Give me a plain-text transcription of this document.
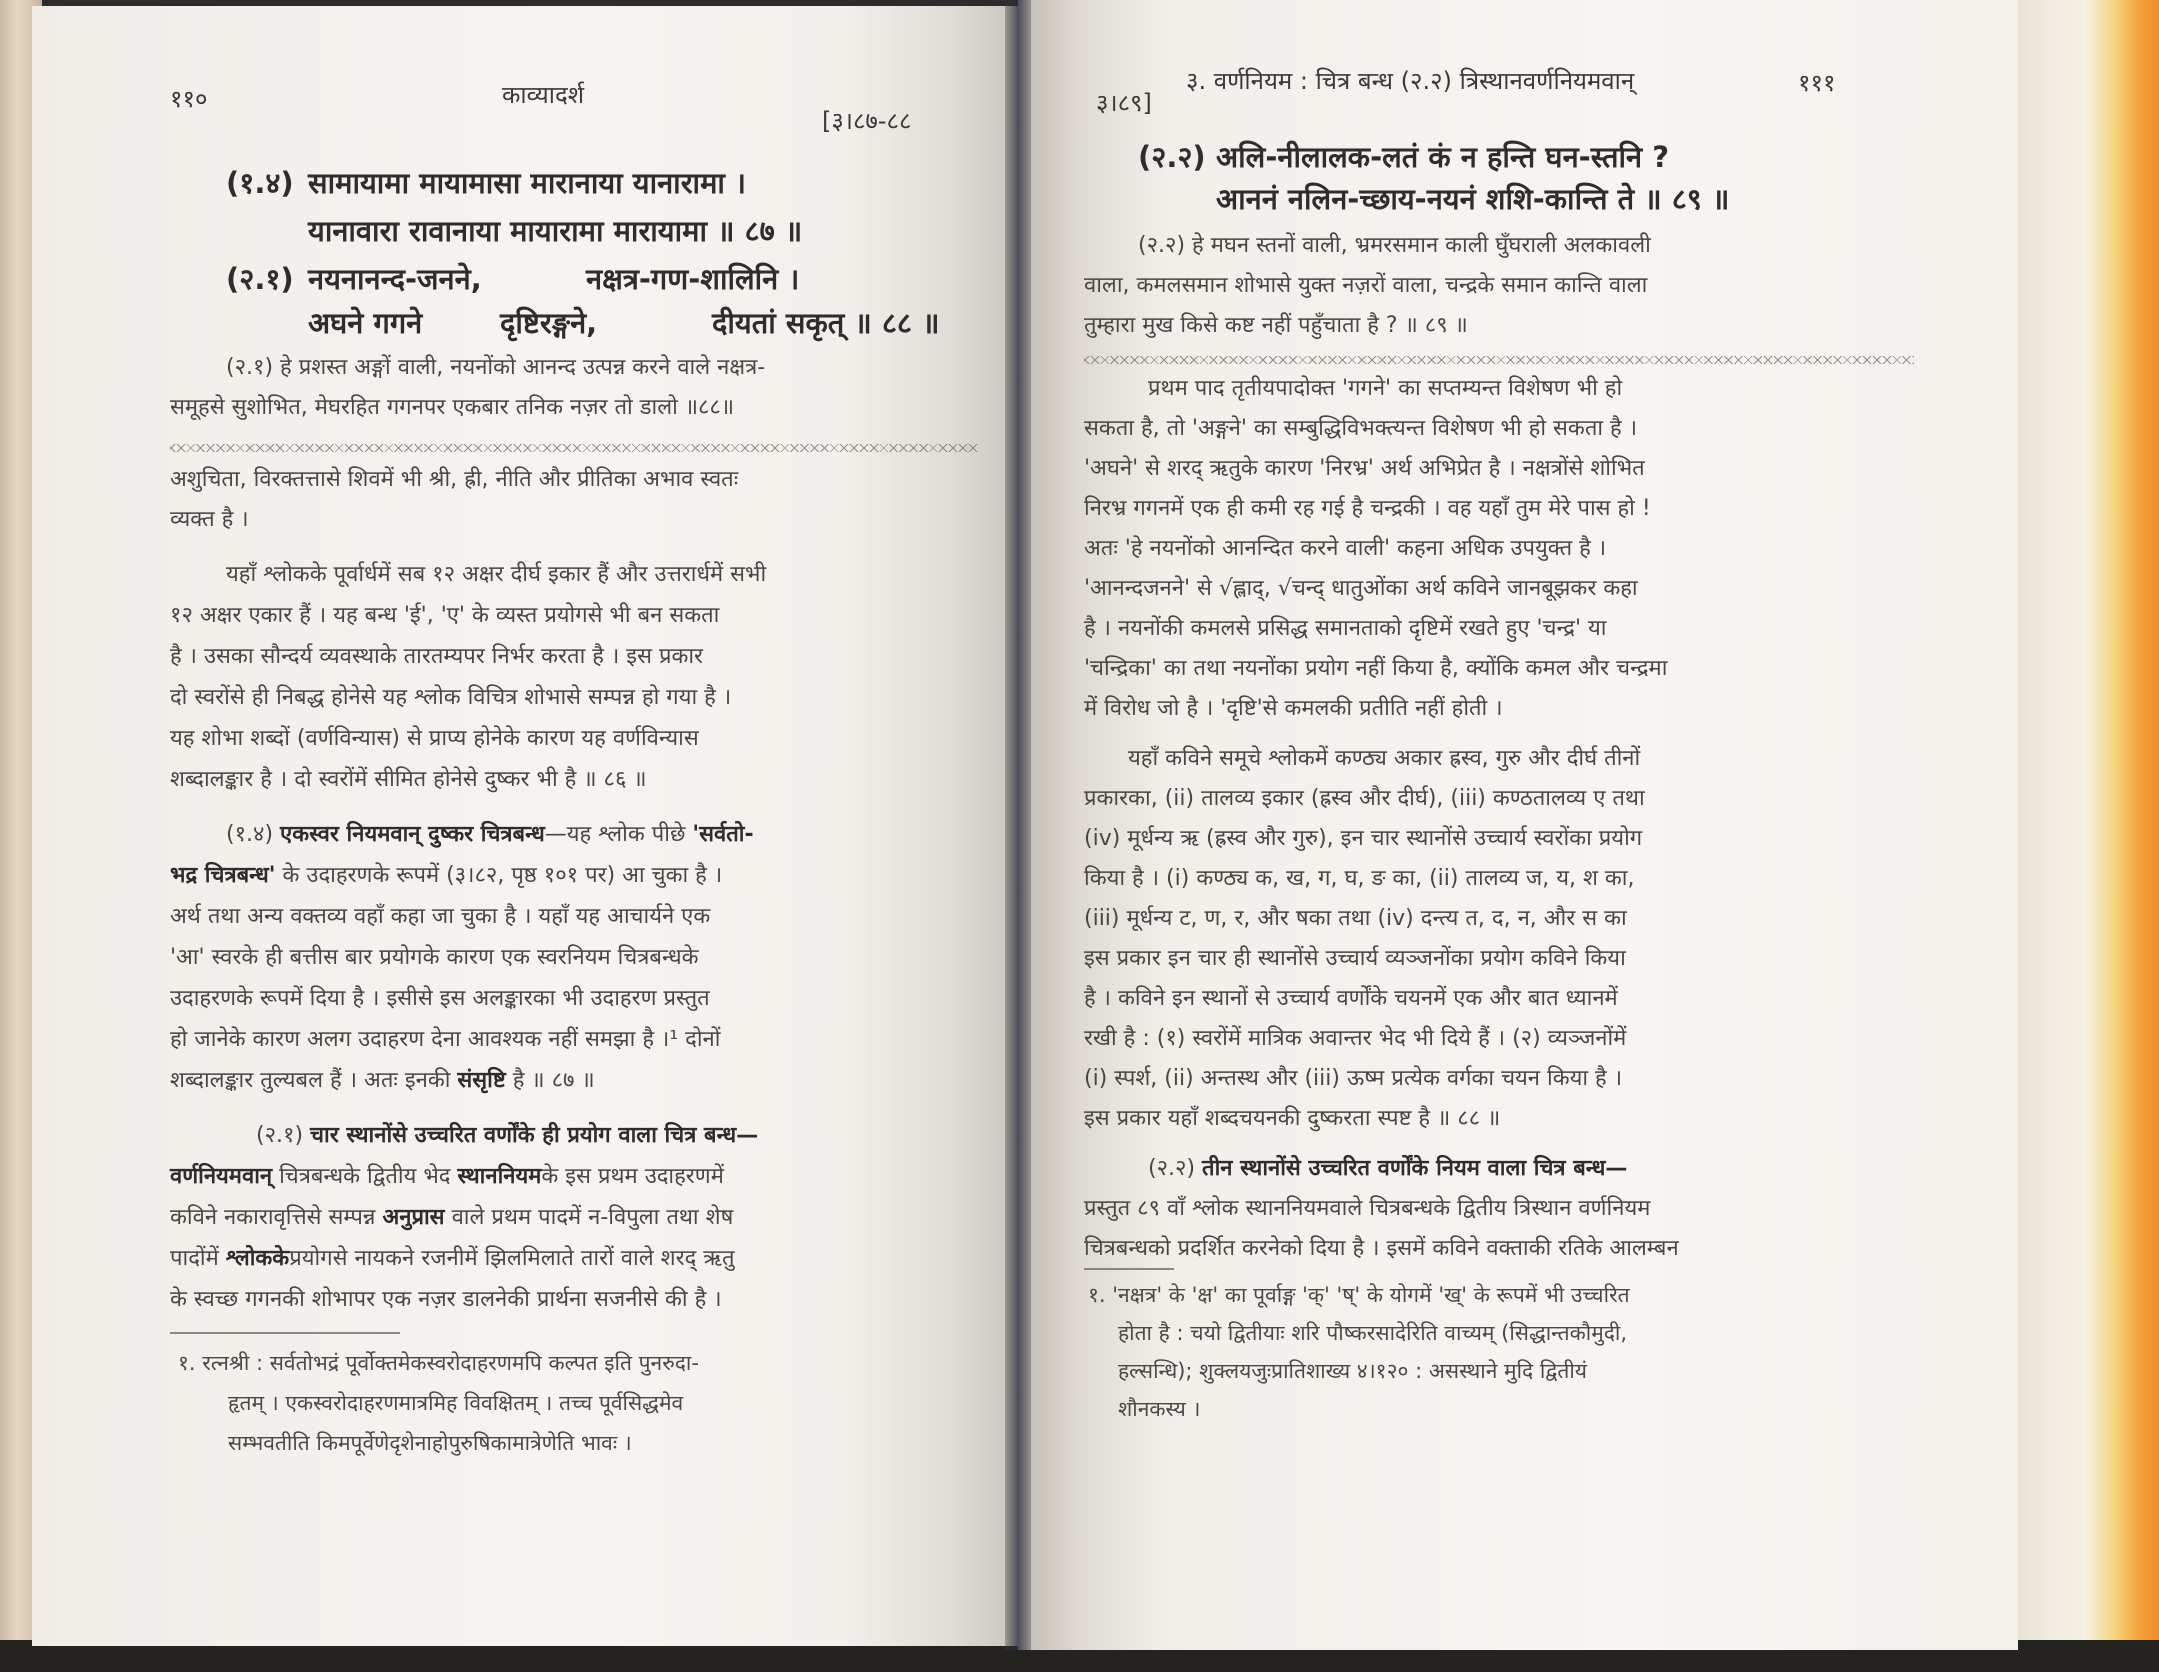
११०	काव्यादर्श
[३।८७-८८
(१.४) सामायामा मायामासा मारानाया यानारामा ।
यानावारा रावानाया मायारामा मारायामा ॥ ८७ ॥
(२.१) नयनानन्द-जनने,	नक्षत्र-गण-शालिनि ।
अघने गगने	दृष्टिरङ्गने,	दीयतां सकृत् ॥ ८८ ॥
(२.१) हे प्रशस्त अङ्गों वाली, नयनोंको आनन्द उत्पन्न करने वाले नक्षत्र-
समूहसे सुशोभित, मेघरहित गगनपर एकबार तनिक नज़र तो डालो ॥८८॥
अशुचिता, विरक्तत्तासे शिवमें भी श्री, ह्री, नीति और प्रीतिका अभाव स्वतः
व्यक्त है ।
यहाँ श्लोकके पूर्वार्धमें सब १२ अक्षर दीर्घ इकार हैं और उत्तरार्धमें सभी
१२ अक्षर एकार हैं । यह बन्ध 'ई', 'ए' के व्यस्त प्रयोगसे भी बन सकता
है । उसका सौन्दर्य व्यवस्थाके तारतम्यपर निर्भर करता है । इस प्रकार
दो स्वरोंसे ही निबद्ध होनेसे यह श्लोक विचित्र शोभासे सम्पन्न हो गया है ।
यह शोभा शब्दों (वर्णविन्यास) से प्राप्य होनेके कारण यह वर्णविन्यास
शब्दालङ्कार है । दो स्वरोंमें सीमित होनेसे दुष्कर भी है ॥ ८६ ॥
(१.४) एकस्वर नियमवान् दुष्कर चित्रबन्ध—यह श्लोक पीछे 'सर्वतो-
भद्र चित्रबन्ध' के उदाहरणके रूपमें (३।८२, पृष्ठ १०१ पर) आ चुका है ।
अर्थ तथा अन्य वक्तव्य वहाँ कहा जा चुका है । यहाँ यह आचार्यने एक
'आ' स्वरके ही बत्तीस बार प्रयोगके कारण एक स्वरनियम चित्रबन्धके
उदाहरणके रूपमें दिया है । इसीसे इस अलङ्कारका भी उदाहरण प्रस्तुत
हो जानेके कारण अलग उदाहरण देना आवश्यक नहीं समझा है ।¹ दोनों
शब्दालङ्कार तुल्यबल हैं । अतः इनकी संसृष्टि है ॥ ८७ ॥
(२.१) चार स्थानोंसे उच्चरित वर्णोंके ही प्रयोग वाला चित्र बन्ध—
वर्णनियमवान् चित्रबन्धके द्वितीय भेद स्थाननियमके इस प्रथम उदाहरणमें
कविने नकारावृत्तिसे सम्पन्न अनुप्रास वाले प्रथम पादमें न-विपुला तथा शेष
पादोंमें श्लोककेप्रयोगसे नायकने रजनीमें झिलमिलाते तारों वाले शरद् ऋतु
के स्वच्छ गगनकी शोभापर एक नज़र डालनेकी प्रार्थना सजनीसे की है ।
१. रत्नश्री : सर्वतोभद्रं पूर्वोक्तमेकस्वरोदाहरणमपि कल्पत इति पुनरुदा-
हृतम् । एकस्वरोदाहरणमात्रमिह विवक्षितम् । तच्च पूर्वसिद्धमेव
सम्भवतीति किमपूर्वेणेदृशेनाहोपुरुषिकामात्रेणेति भावः ।
३।८९]
३. वर्णनियम : चित्र बन्ध (२.२) त्रिस्थानवर्णनियमवान्	१११
(२.२) अलि-नीलालक-लतं कं न हन्ति घन-स्तनि ?
आननं नलिन-च्छाय-नयनं शशि-कान्ति ते ॥ ८९ ॥
(२.२) हे मघन स्तनों वाली, भ्रमरसमान काली घुँघराली अलकावली
वाला, कमलसमान शोभासे युक्त नज़रों वाला, चन्द्रके समान कान्ति वाला
तुम्हारा मुख किसे कष्ट नहीं पहुँचाता है ? ॥ ८९ ॥
प्रथम पाद तृतीयपादोक्त 'गगने' का सप्तम्यन्त विशेषण भी हो
सकता है, तो 'अङ्गने' का सम्बुद्धिविभक्त्यन्त विशेषण भी हो सकता है ।
'अघने' से शरद् ऋतुके कारण 'निरभ्र' अर्थ अभिप्रेत है । नक्षत्रोंसे शोभित
निरभ्र गगनमें एक ही कमी रह गई है चन्द्रकी । वह यहाँ तुम मेरे पास हो !
अतः 'हे नयनोंको आनन्दित करने वाली' कहना अधिक उपयुक्त है ।
'आनन्दजनने' से √ह्लाद्, √चन्द् धातुओंका अर्थ कविने जानबूझकर कहा
है । नयनोंकी कमलसे प्रसिद्ध समानताको दृष्टिमें रखते हुए 'चन्द्र' या
'चन्द्रिका' का तथा नयनोंका प्रयोग नहीं किया है, क्योंकि कमल और चन्द्रमा
में विरोध जो है । 'दृष्टि'से कमलकी प्रतीति नहीं होती ।
यहाँ कविने समूचे श्लोकमें कण्ठ्य अकार ह्रस्व, गुरु और दीर्घ तीनों
प्रकारका, (ii) तालव्य इकार (ह्रस्व और दीर्घ), (iii) कण्ठतालव्य ए तथा
(iv) मूर्धन्य ऋ (ह्रस्व और गुरु), इन चार स्थानोंसे उच्चार्य स्वरोंका प्रयोग
किया है । (i) कण्ठ्य क, ख, ग, घ, ङ का, (ii) तालव्य ज, य, श का,
(iii) मूर्धन्य ट, ण, र, और षका तथा (iv) दन्त्य त, द, न, और स का
इस प्रकार इन चार ही स्थानोंसे उच्चार्य व्यञ्जनोंका प्रयोग कविने किया
है । कविने इन स्थानों से उच्चार्य वर्णोंके चयनमें एक और बात ध्यानमें
रखी है : (१) स्वरोंमें मात्रिक अवान्तर भेद भी दिये हैं । (२) व्यञ्जनोंमें
(i) स्पर्श, (ii) अन्तस्थ और (iii) ऊष्म प्रत्येक वर्गका चयन किया है ।
इस प्रकार यहाँ शब्दचयनकी दुष्करता स्पष्ट है ॥ ८८ ॥
(२.२) तीन स्थानोंसे उच्चरित वर्णोंके नियम वाला चित्र बन्ध—
प्रस्तुत ८९ वाँ श्लोक स्थाननियमवाले चित्रबन्धके द्वितीय त्रिस्थान वर्णनियम
चित्रबन्धको प्रदर्शित करनेको दिया है । इसमें कविने वक्ताकी रतिके आलम्बन
१. 'नक्षत्र' के 'क्ष' का पूर्वाङ्ग 'क्' 'ष्' के योगमें 'ख्' के रूपमें भी उच्चरित
होता है : चयो द्वितीयाः शरि पौष्करसादेरिति वाच्यम् (सिद्धान्तकौमुदी,
हल्सन्धि); शुक्लयजुःप्रातिशाख्य ४।१२० : असस्थाने मुदि द्वितीयं
शौनकस्य ।
